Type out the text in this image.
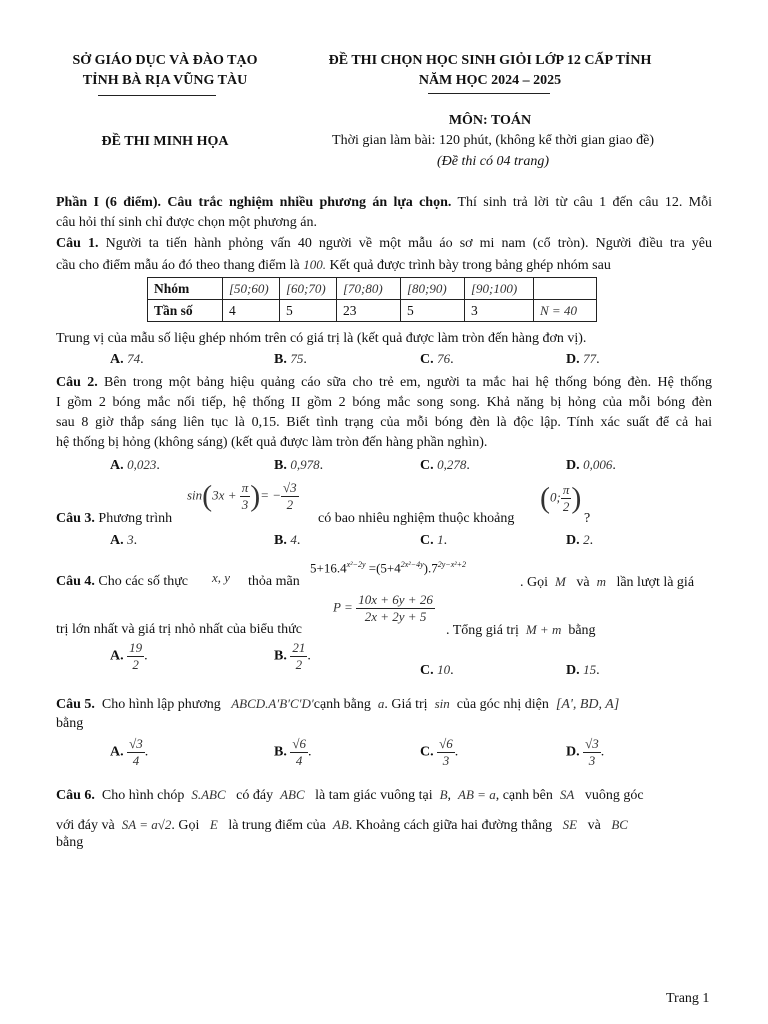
SỞ GIÁO DỤC VÀ ĐÀO TẠO
TỈNH BÀ RỊA VŨNG TÀU
ĐỀ THI CHỌN HỌC SINH GIỎI LỚP 12 CẤP TỈNH
NĂM HỌC 2024 – 2025
MÔN: TOÁN
ĐỀ THI MINH HỌA	Thời gian làm bài: 120 phút, (không kể thời gian giao đề)
(Đề thi có 04 trang)
Phần I (6 điểm). Câu trắc nghiệm nhiều phương án lựa chọn. Thí sinh trả lời từ câu 1 đến câu 12. Mỗi
câu hỏi thí sinh chỉ được chọn một phương án.
Câu 1. Người ta tiến hành phỏng vấn 40 người về một mẫu áo sơ mi nam (cổ tròn). Người điều tra yêu
cầu cho điểm mẫu áo đó theo thang điểm là 100. Kết quả được trình bày trong bảng ghép nhóm sau
Nhóm	[50;60)	[60;70)	[70;80)	[80;90)	[90;100)	
Tần số	4	5	23	5	3	N = 40
Trung vị của mẫu số liệu ghép nhóm trên có giá trị là (kết quả được làm tròn đến hàng đơn vị).
A. 74.	B. 75.	C. 76.	D. 77.
Câu 2. Bên trong một bảng hiệu quảng cáo sữa cho trẻ em, người ta mắc hai hệ thống bóng đèn. Hệ thống
I gồm 2 bóng mắc nối tiếp, hệ thống II gồm 2 bóng mắc song song. Khả năng bị hỏng của mỗi bóng đèn
sau 8 giờ thắp sáng liên tục là 0,15. Biết tình trạng của mỗi bóng đèn là độc lập. Tính xác suất để cả hai
hệ thống bị hỏng (không sáng) (kết quả được làm tròn đến hàng phần nghìn).
A. 0,023.	B. 0,978.	C. 0,278.	D. 0,006.
Câu 3. Phương trình
$\sin(3x + \frac{\pi}{3}$ )= − $\frac{√3}{2}$
có bao nhiêu nghiệm thuộc khoảng
(0; $\frac{\pi}{2}$ )
?
A. 3.	B. 4.	C. 1.	D. 2.
Câu 4. Cho các số thực x, y thỏa mãn
$5+16.4^{x^2-2y} =(5+4^{2x^2-4y}).7^{2y-x^2+2}$
. Gọi M và m lần lượt là giá
trị lớn nhất và giá trị nhỏ nhất của biểu thức
$P = \frac{10x + 6y + 26}{2x + 2y + 5}$
. Tổng giá trị M + m bằng
A. $\frac{19}{2}$ .	B. $\frac{21}{2}$ .
C. 10.	D. 15.
Câu 5. Cho hình lập phương ABCD.A′B′C′D′cạnh bằng a. Giá trị sin của góc nhị diện [A', BD, A]
bằng
A. $\frac{√3}{4}$ .	B. $\frac{√6}{4}$ .	C. $\frac{√6}{3}$ .	D. $\frac{√3}{3}$ .
Câu 6. Cho hình chóp S.ABC có đáy ABC là tam giác vuông tại B, AB = a, cạnh bên SA vuông góc
với đáy và SA = a√2. Gọi E là trung điểm của AB. Khoảng cách giữa hai đường thẳng SE và BC
bằng
Trang 1
